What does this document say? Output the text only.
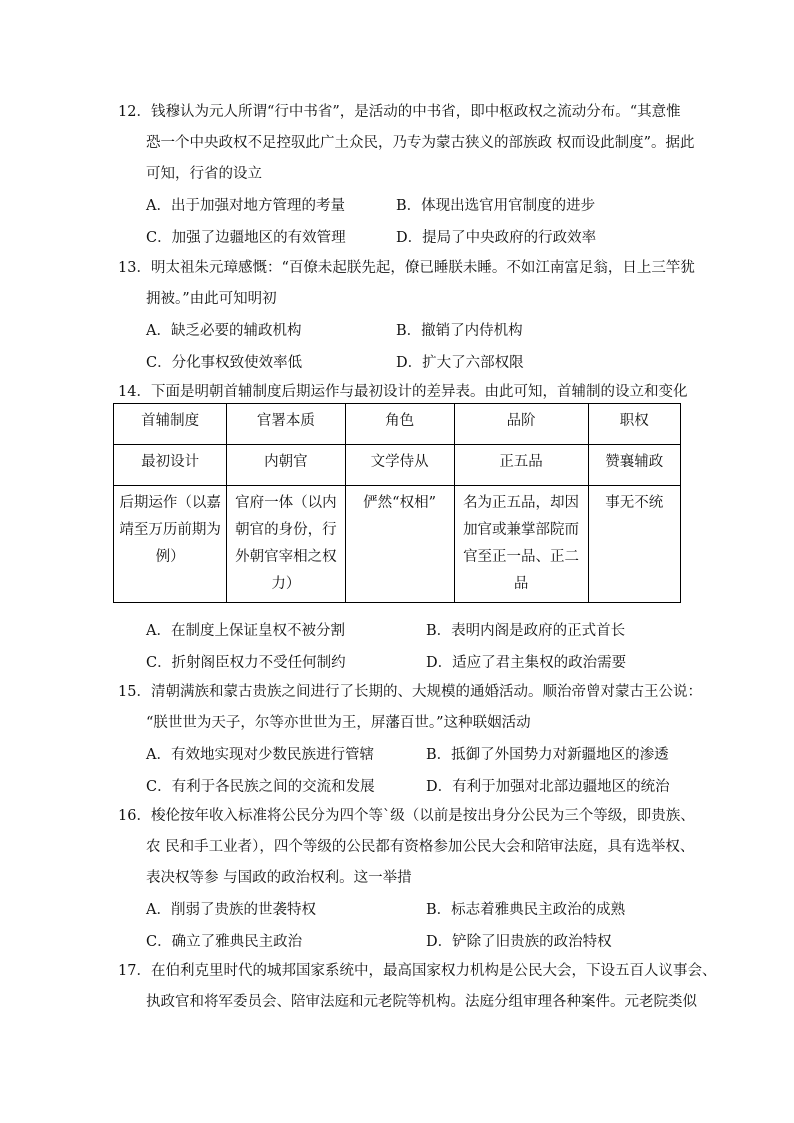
12．钱穆认为元人所谓“行中书省”，是活动的中书省，即中枢政权之流动分布。“其意惟
恐一个中央政权不足控驭此广土众民，乃专为蒙古狭义的部族政 权而设此制度”。据此
可知，行省的设立
A．出于加强对地方管理的考量	B．体现出选官用官制度的进步
C．加强了边疆地区的有效管理	D．提局了中央政府的行政效率
13．明太祖朱元璋感慨：“百僚未起朕先起，僚已睡朕未睡。不如江南富足翁，日上三竿犹
拥被。”由此可知明初
A．缺乏必要的辅政机构	B．撤销了内侍机构
C．分化事权致使效率低	D．扩大了六部权限
14．下面是明朝首辅制度后期运作与最初设计的差异表。由此可知，首辅制的设立和变化
首辅制度	官署本质	角色	品阶	职权
最初设计	内朝官	文学侍从	正五品	赞襄辅政
后期运作（以嘉靖至万历前期为例）	官府一体（以内朝官的身份，行外朝官宰相之权力）	俨然“权相”	名为正五品，却因加官或兼掌部院而官至正一品、正二品	事无不统
A．在制度上保证皇权不被分割	B．表明内阁是政府的正式首长
C．折射阁臣权力不受任何制约	D．适应了君主集权的政治需要
15．清朝满族和蒙古贵族之间进行了长期的、大规模的通婚活动。顺治帝曾对蒙古王公说：
“朕世世为天子，尔等亦世世为王，屏藩百世。”这种联姻活动
A．有效地实现对少数民族进行管辖	B．抵御了外国势力对新疆地区的渗透
C．有利于各民族之间的交流和发展	D．有利于加强对北部边疆地区的统治
16．梭伦按年收入标准将公民分为四个等`级（以前是按出身分公民为三个等级，即贵族、
农 民和手工业者），四个等级的公民都有资格参加公民大会和陪审法庭，具有选举权、
表决权等参 与国政的政治权利。这一举措
A．削弱了贵族的世袭特权	B．标志着雅典民主政治的成熟
C．确立了雅典民主政治	D．铲除了旧贵族的政治特权
17．在伯利克里时代的城邦国家系统中，最高国家权力机构是公民大会，下设五百人议事会、
执政官和将军委员会、陪审法庭和元老院等机构。法庭分组审理各种案件。元老院类似
